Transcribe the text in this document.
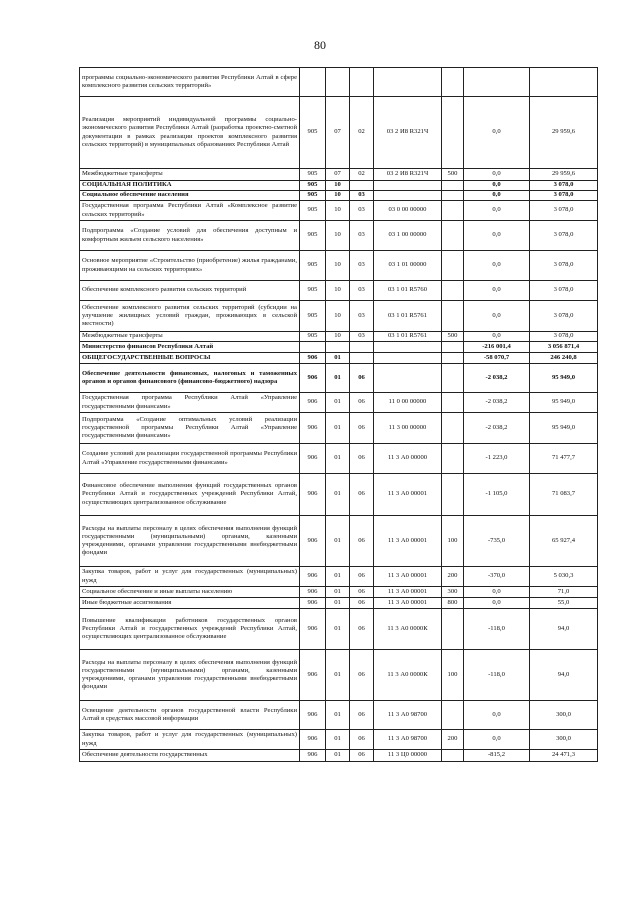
80
программы социально-экономического развития Республики Алтай в сфере комплексного развития сельских территорий»							
Реализация мероприятий индивидуальной программы социально-экономического развития Республики Алтай (разработка проектно-сметной документации в рамках реализации проектов комплексного развития сельских территорий) в муниципальных образованиях Республики Алтай	905	07	02	03 2 И8 R321Ч		0,0	29 959,6
Межбюджетные трансферты	905	07	02	03 2 И8 R321Ч	500	0,0	29 959,6
СОЦИАЛЬНАЯ ПОЛИТИКА	905	10				0,0	3 078,0
Социальное обеспечение населения	905	10	03			0,0	3 078,0
Государственная программа Республики Алтай «Комплексное развитие сельских территорий»	905	10	03	03 0 00 00000		0,0	3 078,0
Подпрограмма «Создание условий для обеспечения доступным и комфортным жильем сельского населения»	905	10	03	03 1 00 00000		0,0	3 078,0
Основное мероприятие «Строительство (приобретение) жилья гражданами, проживающими на сельских территориях»	905	10	03	03 1 01 00000		0,0	3 078,0
Обеспечение комплексного развития сельских территорий	905	10	03	03 1 01 R5760		0,0	3 078,0
Обеспечение комплексного развития сельских территорий (субсидии на улучшение жилищных условий граждан, проживающих в сельской местности)	905	10	03	03 1 01 R5761		0,0	3 078,0
Межбюджетные трансферты	905	10	03	03 1 01 R5761	500	0,0	3 078,0
Министерство финансов Республики Алтай						-216 001,4	3 056 871,4
ОБЩЕГОСУДАРСТВЕННЫЕ ВОПРОСЫ	906	01				-58 070,7	246 240,8
Обеспечение деятельности финансовых, налоговых и таможенных органов и органов финансового (финансово-бюджетного) надзора	906	01	06			-2 038,2	95 949,0
Государственная программа Республики Алтай «Управление государственными финансами»	906	01	06	11 0 00 00000		-2 038,2	95 949,0
Подпрограмма «Создание оптимальных условий реализации государственной программы Республики Алтай «Управление государственными финансами»	906	01	06	11 3 00 00000		-2 038,2	95 949,0
Создание условий для реализации государственной программы Республики Алтай «Управление государственными финансами»	906	01	06	11 3 А0 00000		-1 223,0	71 477,7
Финансовое обеспечение выполнения функций государственных органов Республики Алтай и государственных учреждений Республики Алтай, осуществляющих централизованное обслуживание	906	01	06	11 3 А0 00001		-1 105,0	71 083,7
Расходы на выплаты персоналу в целях обеспечения выполнения функций государственными (муниципальными) органами, казенными учреждениями, органами управления государственными внебюджетными фондами	906	01	06	11 3 А0 00001	100	-735,0	65 927,4
Закупка товаров, работ и услуг для государственных (муниципальных) нужд	906	01	06	11 3 А0 00001	200	-370,0	5 030,3
Социальное обеспечение и иные выплаты населению	906	01	06	11 3 А0 00001	300	0,0	71,0
Иные бюджетные ассигнования	906	01	06	11 3 А0 00001	800	0,0	55,0
Повышение квалификации работников государственных органов Республики Алтай и государственных учреждений Республики Алтай, осуществляющих централизованное обслуживание	906	01	06	11 3 А0 0000К		-118,0	94,0
Расходы на выплаты персоналу в целях обеспечения выполнения функций государственными (муниципальными) органами, казенными учреждениями, органами управления государственными внебюджетными фондами	906	01	06	11 3 А0 0000К	100	-118,0	94,0
Освещение деятельности органов государственной власти Республики Алтай в средствах массовой информации	906	01	06	11 3 А0 98700		0,0	300,0
Закупка товаров, работ и услуг для государственных (муниципальных) нужд	906	01	06	11 3 А0 98700	200	0,0	300,0
Обеспечение деятельности государственных	906	01	06	11 3 Ц0 00000		-815,2	24 471,3
